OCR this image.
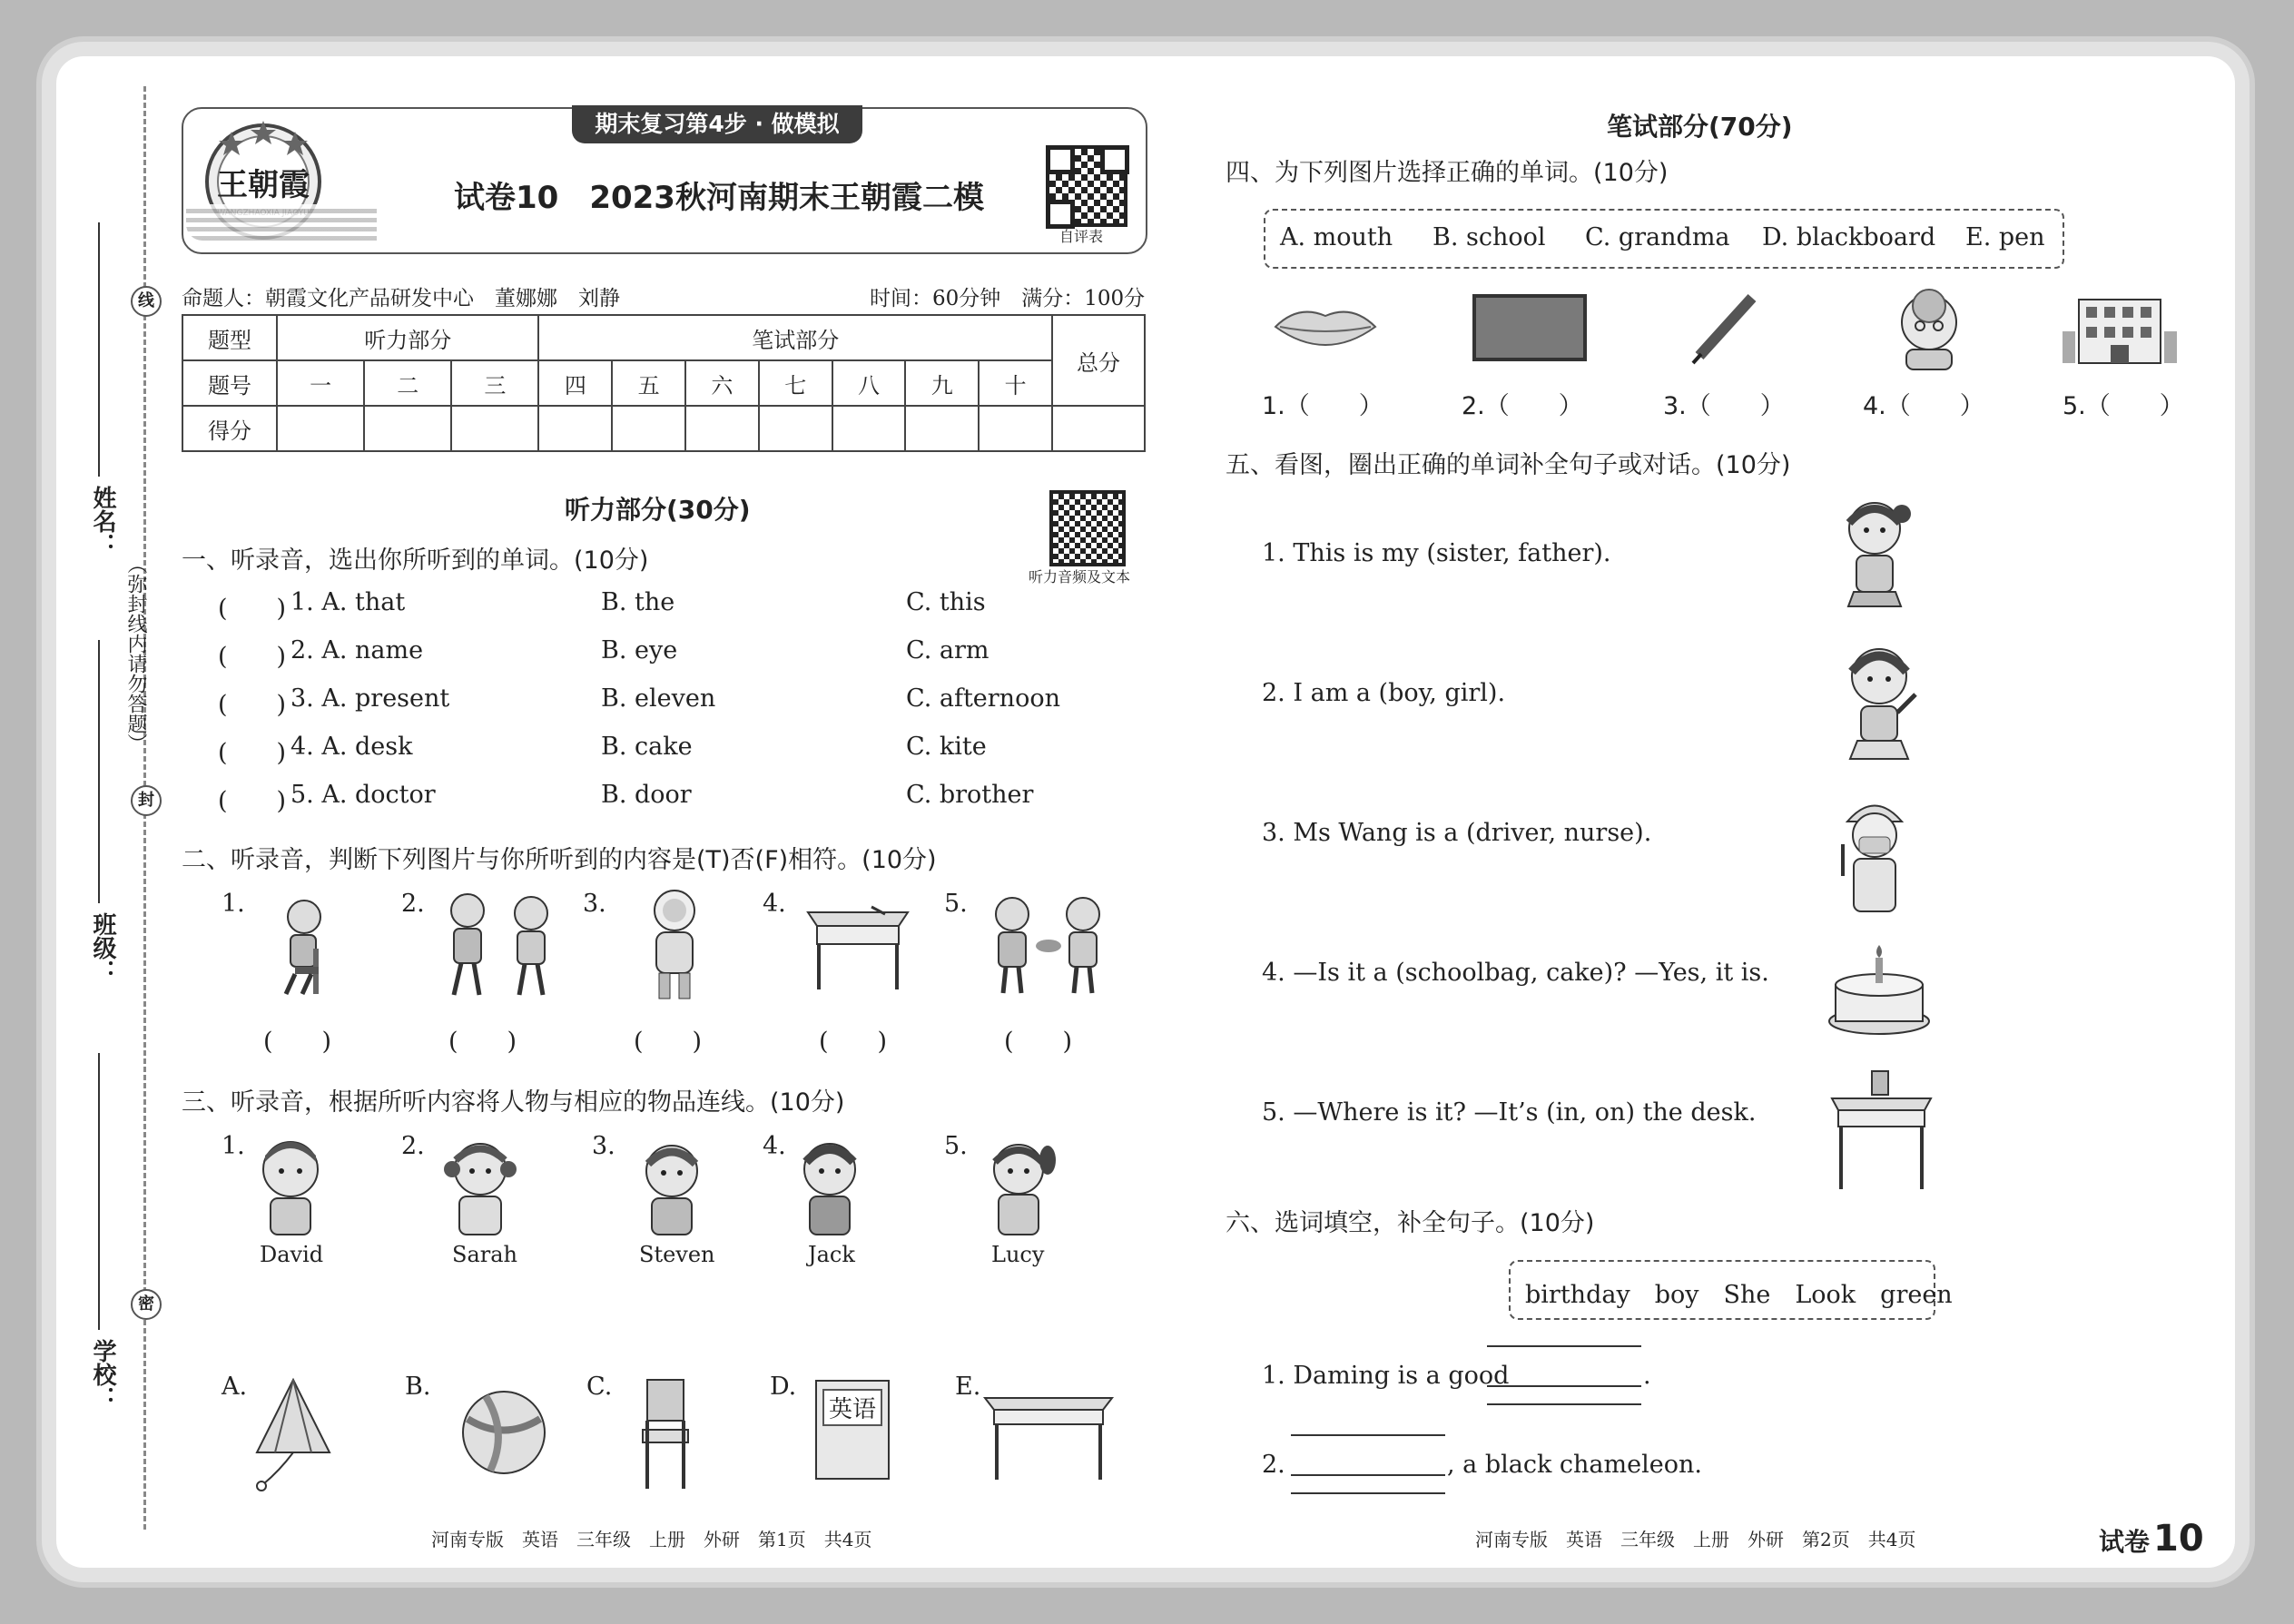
线
封
密
（弥封线内请勿答题）
姓名：
班级：
学校：
期末复习第4步 · 做模拟
王朝霞	试卷10　2023秋河南期末王朝霞二模
自评表
命题人：朝霞文化产品研发中心　董娜娜　刘静	时间：60分钟　满分：100分
题型	听力部分			笔试部分							总分
题号	一	二	三	四	五	六	七	八	九	十	
得分											
听力部分(30分)
听力音频及文本
一、听录音，选出你所听到的单词。(10分)
(　　) 1. A. that	B. the	C. this
(　　) 2. A. name	B. eye	C. arm
(　　) 3. A. present	B. eleven	C. afternoon
(　　) 4. A. desk	B. cake	C. kite
(　　) 5. A. doctor	B. door	C. brother
二、听录音，判断下列图片与你所听到的内容是(T)否(F)相符。(10分)
1.	2.	3.	4.	5.
(　　)	(　　)	(　　)	(　　)	(　　)
三、听录音，根据所听内容将人物与相应的物品连线。(10分)
1.	2.	3.	4.	5.
David	Sarah	Steven	Jack	Lucy
A.	B.	C.	D.	E.
英语
河南专版　英语　三年级　上册　外研　第1页　共4页
笔试部分(70分)
四、为下列图片选择正确的单词。(10分)
A. mouth B. school C. grandma D. blackboard E. pen
1.（　　）	2.（　　）	3.（　　）	4.（　　）	5.（　　）
五、看图，圈出正确的单词补全句子或对话。(10分)
1. This is my (sister, father).
2. I am a (boy, girl).
3. Ms Wang is a (driver, nurse).
4. —Is it a (schoolbag, cake)? —Yes, it is.
5. —Where is it? —It’s (in, on) the desk.
六、选词填空，补全句子。(10分)
birthday　boy　She　Look　green
1. Daming is a good	.
2.	, a black chameleon.
河南专版　英语　三年级　上册　外研　第2页　共4页	试卷 10
